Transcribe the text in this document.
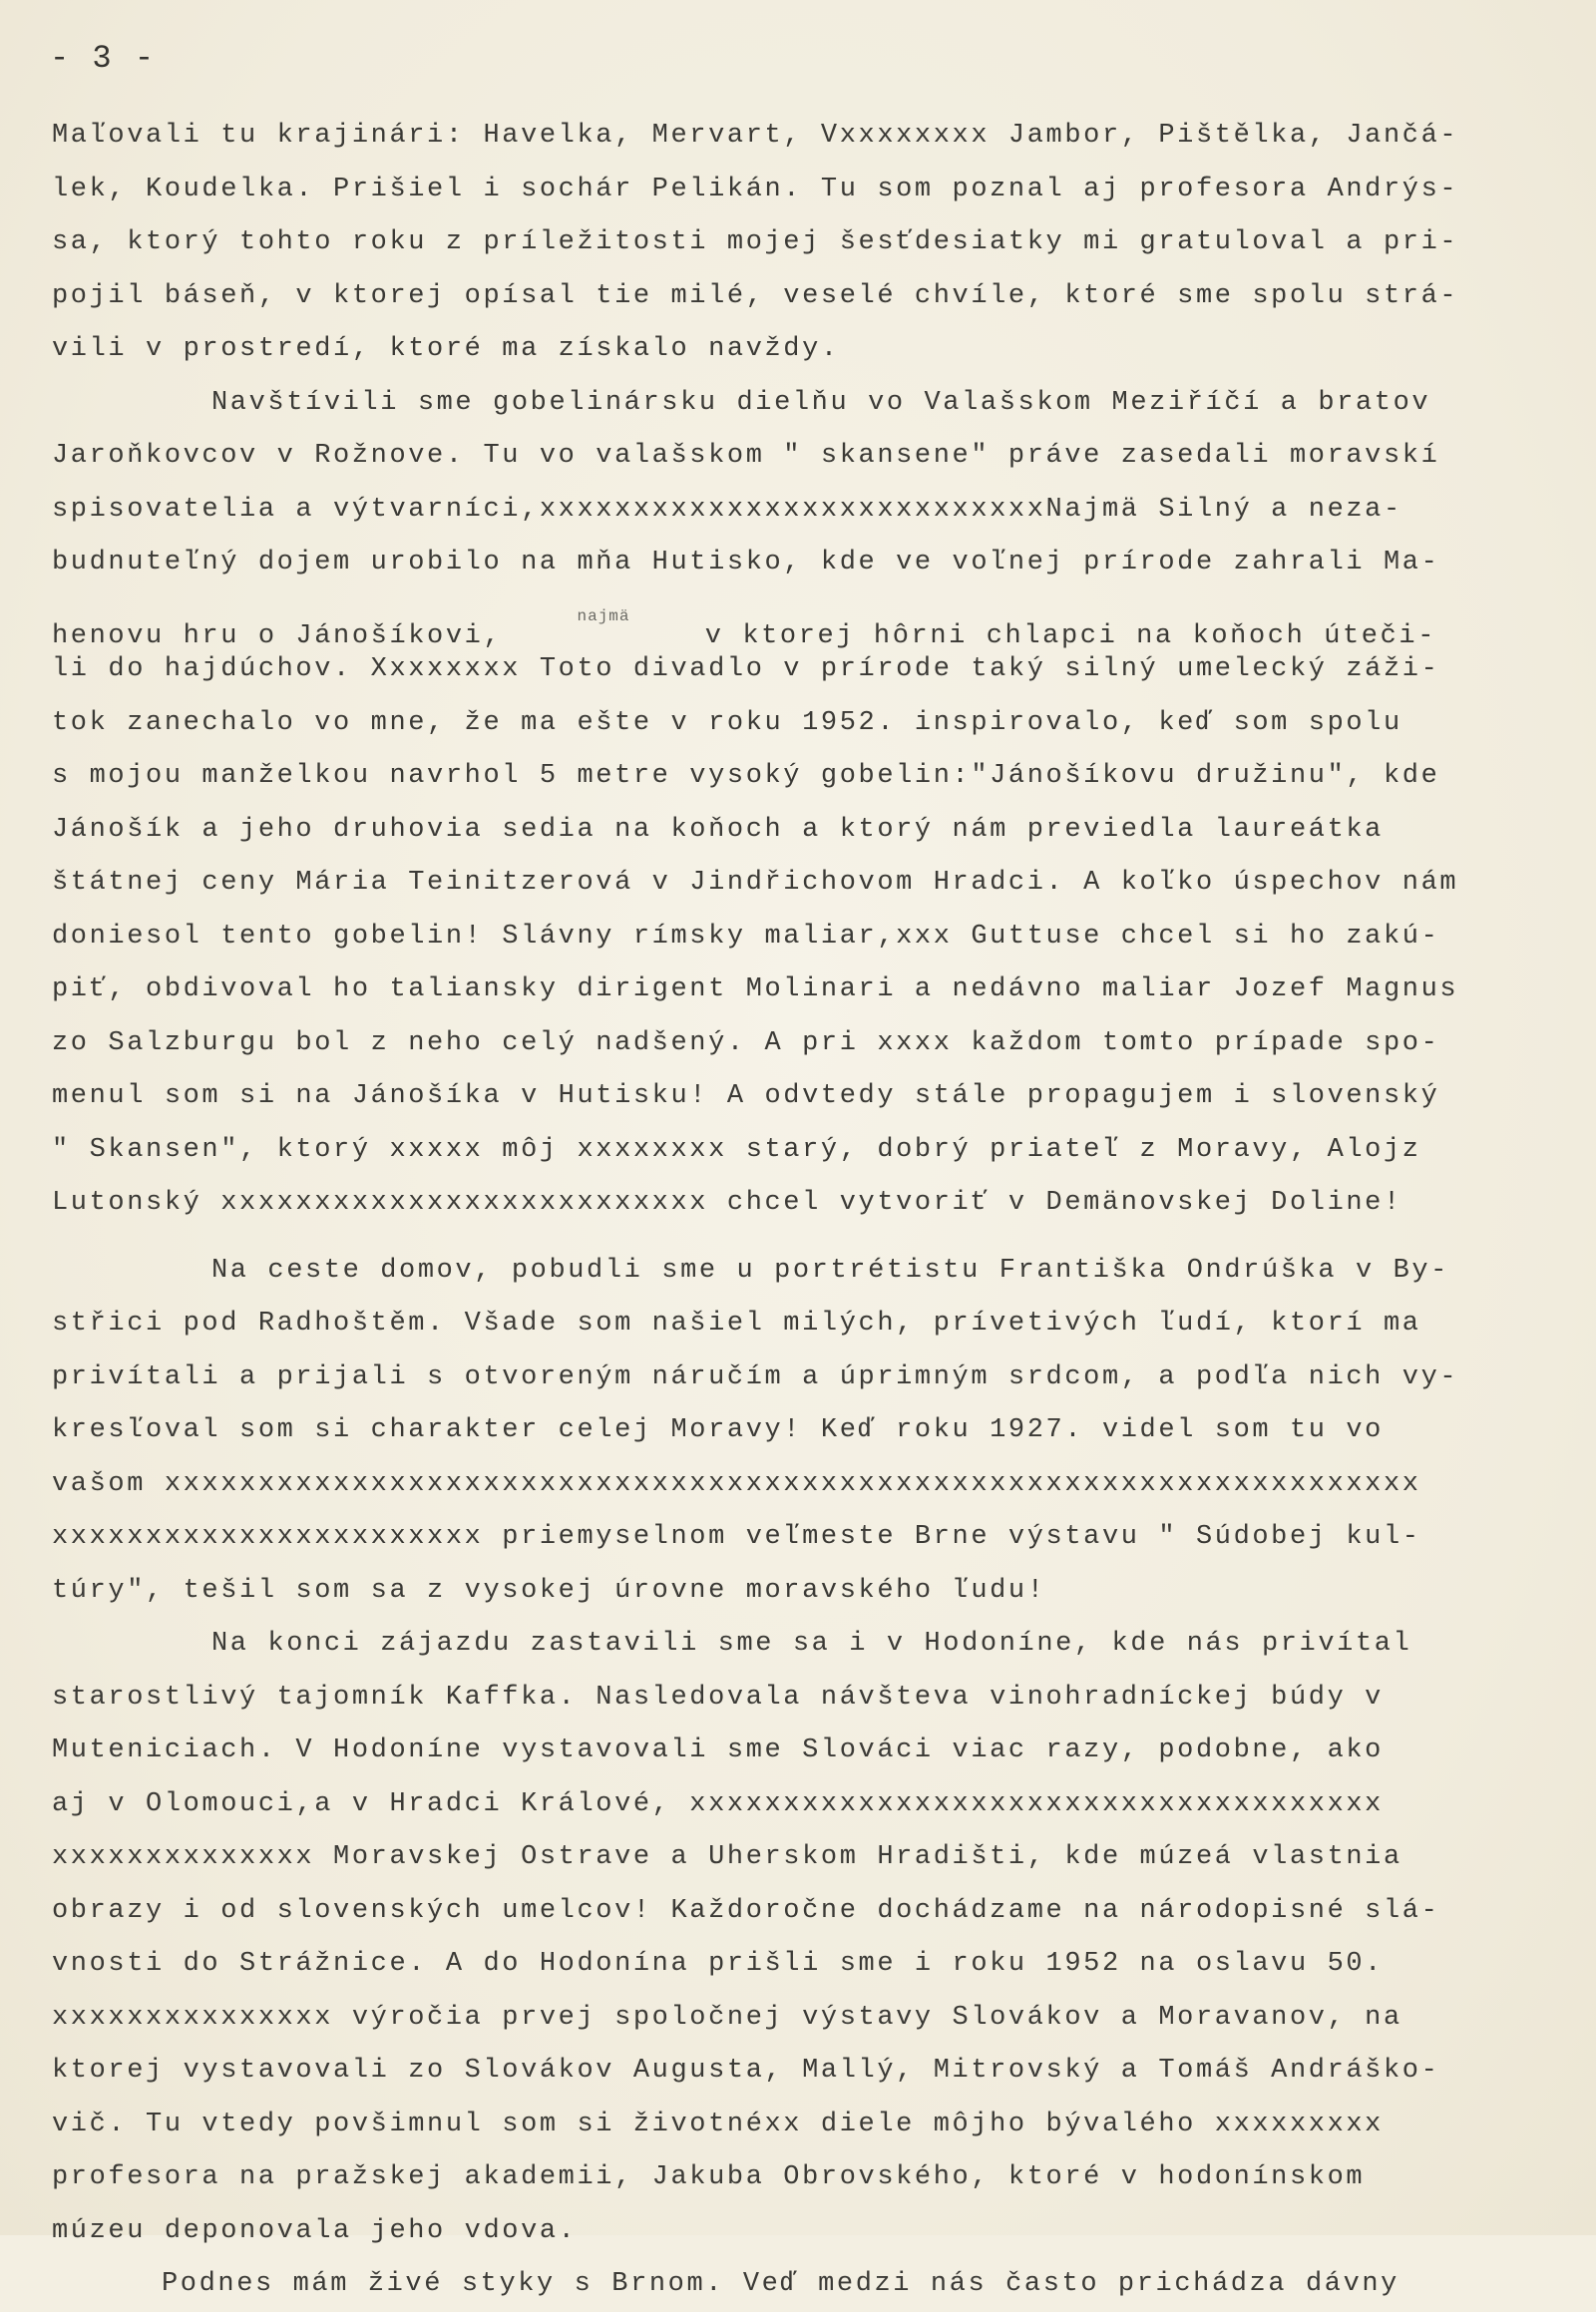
- 3 -

Maľovali tu krajinári: Havelka, Mervart, Vxxxxxxxx Jambor, Pištělka, Jančá-
lek, Koudelka. Prišiel i sochár Pelikán. Tu som poznal aj profesora Andrýs-
sa, ktorý tohto roku z príležitosti mojej šesťdesiatky mi gratuloval a pri-
pojil báseň, v ktorej opísal tie milé, veselé chvíle, ktoré sme spolu strá-
vili v prostredí, ktoré ma získalo navždy.
Navštívili sme gobelinársku dielňu vo Valašskom Meziříčí a bratov
Jaroňkovcov v Rožnove. Tu vo valašskom " skansene" práve zasedali moravskí
spisovatelia a výtvarníci,xxxxxxxxxxxxxxxxxxxxxxxxxxxNajmä Silný a neza-
budnuteľný dojem urobilo na mňa Hutisko, kde ve voľnej prírode zahrali Ma-
henovu hru o Jánošíkovi,    $^{najmä}$    v ktorej hôrni chlapci na koňoch úteči-
li do hajdúchov. Xxxxxxxx Toto divadlo v prírode taký silný umelecký záži-
tok zanechalo vo mne, že ma ešte v roku 1952. inspirovalo, keď som spolu
s mojou manželkou navrhol 5 metre vysoký gobelin:"Jánošíkovu družinu", kde
Jánošík a jeho druhovia sedia na koňoch a ktorý nám previedla laureátka
štátnej ceny Mária Teinitzerová v Jindřichovom Hradci. A koľko úspechov nám
doniesol tento gobelin! Slávny rímsky maliar,xxx Guttuse chcel si ho zakú-
piť, obdivoval ho taliansky dirigent Molinari a nedávno maliar Jozef Magnus
zo Salzburgu bol z neho celý nadšený. A pri xxxx každom tomto prípade spo-
menul som si na Jánošíka v Hutisku! A odvtedy stále propagujem i slovenský
" Skansen", ktorý xxxxx môj xxxxxxxx starý, dobrý priateľ z Moravy, Alojz
Lutonský xxxxxxxxxxxxxxxxxxxxxxxxxx chcel vytvoriť v Demänovskej Doline!
Na ceste domov, pobudli sme u portrétistu Františka Ondrúška v By-
střici pod Radhoštěm. Všade som našiel milých, prívetivých ľudí, ktorí ma
privítali a prijali s otvoreným náručím a úprimným srdcom, a podľa nich vy-
kresľoval som si charakter celej Moravy! Keď roku 1927. videl som tu vo
vašom xxxxxxxxxxxxxxxxxxxxxxxxxxxxxxxxxxxxxxxxxxxxxxxxxxxxxxxxxxxxxxxxxxx
xxxxxxxxxxxxxxxxxxxxxxx priemyselnom veľmeste Brne výstavu " Súdobej kul-
túry", tešil som sa z vysokej úrovne moravského ľudu!
Na konci zájazdu zastavili sme sa i v Hodoníne, kde nás privítal
starostlivý tajomník Kaffka. Nasledovala návšteva vinohradníckej búdy v
Muteniciach. V Hodoníne vystavovali sme Slováci viac razy, podobne, ako
aj v Olomouci,a v Hradci Králové, xxxxxxxxxxxxxxxxxxxxxxxxxxxxxxxxxxxxx
xxxxxxxxxxxxxx Moravskej Ostrave a Uherskom Hradišti, kde múzeá vlastnia
obrazy i od slovenských umelcov! Každoročne dochádzame na národopisné slá-
vnosti do Strážnice. A do Hodonína prišli sme i roku 1952 na oslavu 50.
xxxxxxxxxxxxxxx výročia prvej spoločnej výstavy Slovákov a Moravanov, na
ktorej vystavovali zo Slovákov Augusta, Mallý, Mitrovský a Tomáš Andráško-
vič. Tu vtedy povšimnul som si životnéxx diele môjho bývalého xxxxxxxxx
profesora na pražskej akademii, Jakuba Obrovského, ktoré v hodonínskom
múzeu deponovala jeho vdova.
Podnes mám živé styky s Brnom. Veď medzi nás často prichádza dávny
